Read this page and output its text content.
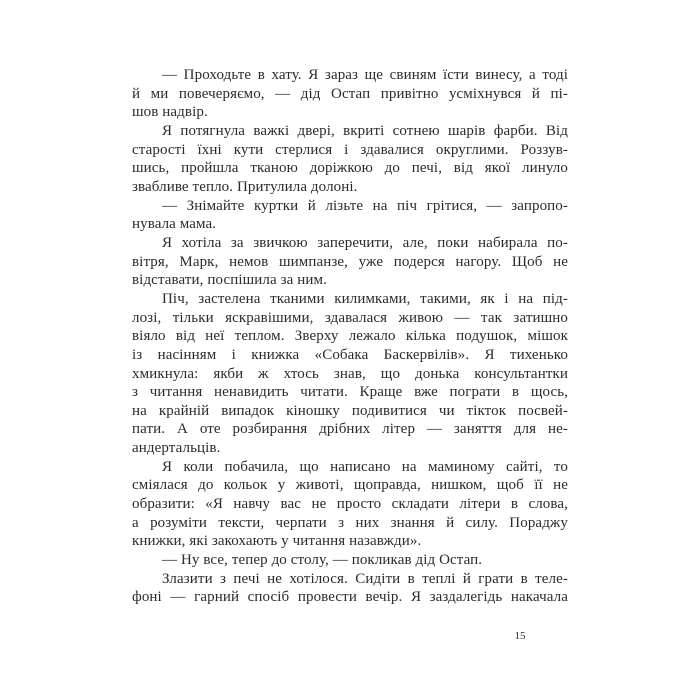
— Проходьте в хату. Я зараз ще свиням їсти винесу, а тоді
й ми повечеряємо, — дід Остап привітно усміхнувся й пі-
шов надвір.
Я потягнула важкі двері, вкриті сотнею шарів фарби. Від
старості їхні кути стерлися і здавалися округлими. Роззув-
шись, пройшла тканою доріжкою до печі, від якої линуло
звабливе тепло. Притулила долоні.
— Знімайте куртки й лізьте на піч грітися, — запропо-
нувала мама.
Я хотіла за звичкою заперечити, але, поки набирала по-
вітря, Марк, немов шимпанзе, уже подерся нагору. Щоб не
відставати, поспішила за ним.
Піч, застелена тканими килимками, такими, як і на під-
лозі, тільки яскравішими, здавалася живою — так затишно
віяло від неї теплом. Зверху лежало кілька подушок, мішок
із насінням і книжка «Собака Баскервілів». Я тихенько
хмикнула: якби ж хтось знав, що донька консультантки
з читання ненавидить читати. Краще вже пограти в щось,
на крайній випадок кіношку подивитися чи тікток посвей-
пати. А оте розбирання дрібних літер — заняття для не-
андертальців.
Я коли побачила, що написано на маминому сайті, то
сміялася до кольок у животі, щоправда, нишком, щоб її не
образити: «Я навчу вас не просто складати літери в слова,
а розуміти тексти, черпати з них знання й силу. Пораджу
книжки, які закохають у читання назавжди».
— Ну все, тепер до столу, — покликав дід Остап.
Злазити з печі не хотілося. Сидіти в теплі й грати в теле-
фоні — гарний спосіб провести вечір. Я заздалегідь накачала
15
